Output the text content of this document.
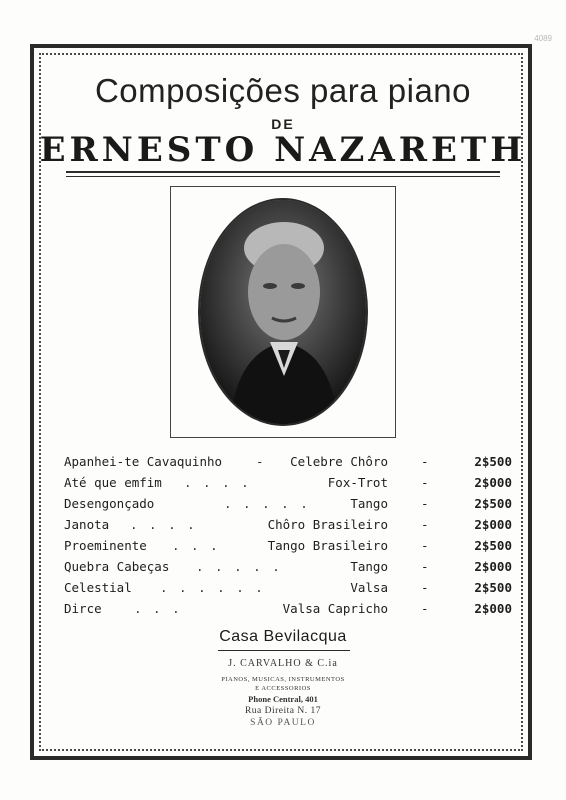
4089
Composições para piano
DE
ERNESTO NAZARETH
Apanhei-te Cavaquinho	- Celebre Chôro	-	2$500
Até que emfim . . . .	Fox-Trot	-	2$000
Desengonçado	. . . . .	Tango	-	2$500
Janota . . . .	Chôro Brasileiro	-	2$000
Proeminente . . .	Tango Brasileiro	-	2$500
Quebra Cabeças . . . . .	Tango	-	2$000
Celestial . . . . . .	Valsa	-	2$500
Dirce	. . .	Valsa Capricho	-	2$000
Casa Bevilacqua
J. CARVALHO & C.ia
PIANOS, MUSICAS, INSTRUMENTOS
E ACCESSORIOS
Phone Central, 401
Rua Direita N. 17
SÃO PAULO
